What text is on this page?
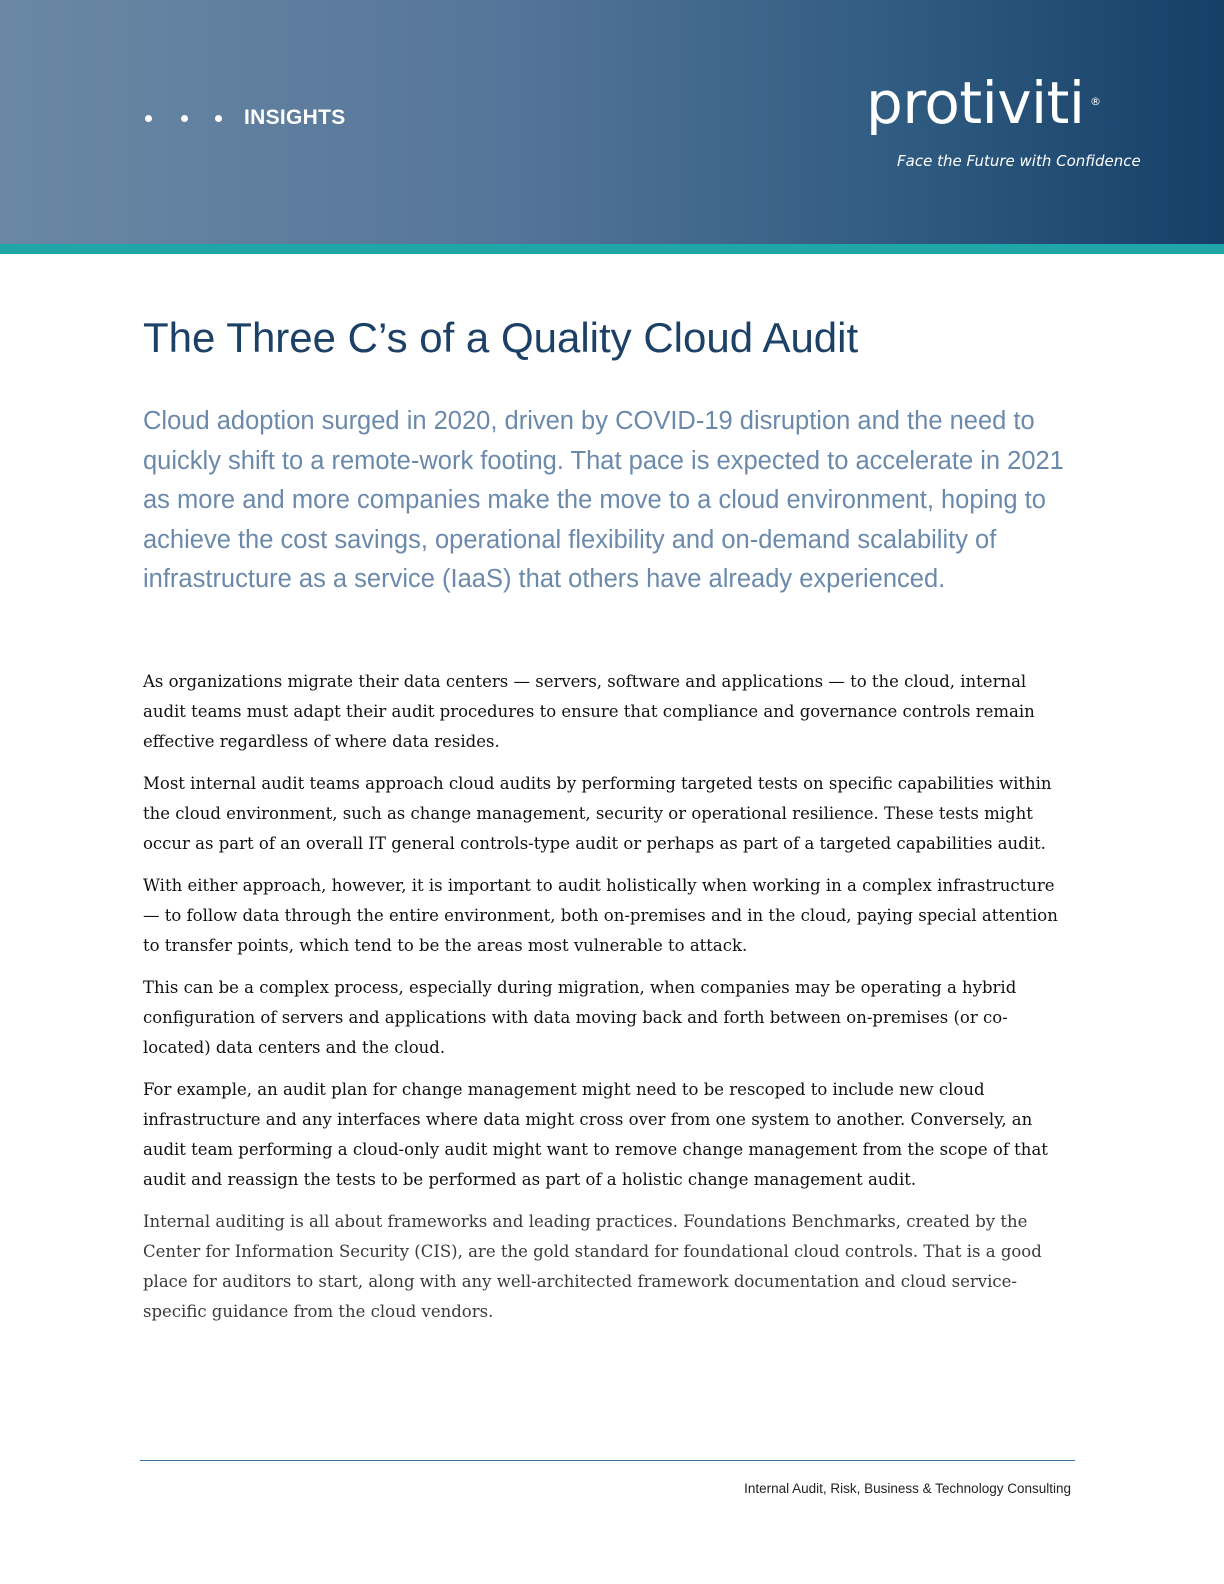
INSIGHTS	protiviti ®
Face the Future with Confidence
The Three C’s of a Quality Cloud Audit

Cloud adoption surged in 2020, driven by COVID-19 disruption and the need to quickly shift to a remote-work footing. That pace is expected to accelerate in 2021 as more and more companies make the move to a cloud environment, hoping to achieve the cost savings, operational flexibility and on-demand scalability of infrastructure as a service (IaaS) that others have already experienced.

As organizations migrate their data centers — servers, software and applications — to the cloud, internal audit teams must adapt their audit procedures to ensure that compliance and governance controls remain effective regardless of where data resides.

Most internal audit teams approach cloud audits by performing targeted tests on specific capabilities within the cloud environment, such as change management, security or operational resilience. These tests might occur as part of an overall IT general controls-type audit or perhaps as part of a targeted capabilities audit.

With either approach, however, it is important to audit holistically when working in a complex infrastructure — to follow data through the entire environment, both on-premises and in the cloud, paying special attention to transfer points, which tend to be the areas most vulnerable to attack.

This can be a complex process, especially during migration, when companies may be operating a hybrid configuration of servers and applications with data moving back and forth between on-premises (or co-located) data centers and the cloud.

For example, an audit plan for change management might need to be rescoped to include new cloud infrastructure and any interfaces where data might cross over from one system to another. Conversely, an audit team performing a cloud-only audit might want to remove change management from the scope of that audit and reassign the tests to be performed as part of a holistic change management audit.

Internal auditing is all about frameworks and leading practices. Foundations Benchmarks, created by the Center for Information Security (CIS), are the gold standard for foundational cloud controls. That is a good place for auditors to start, along with any well-architected framework documentation and cloud service-specific guidance from the cloud vendors.

Internal Audit, Risk, Business & Technology Consulting
